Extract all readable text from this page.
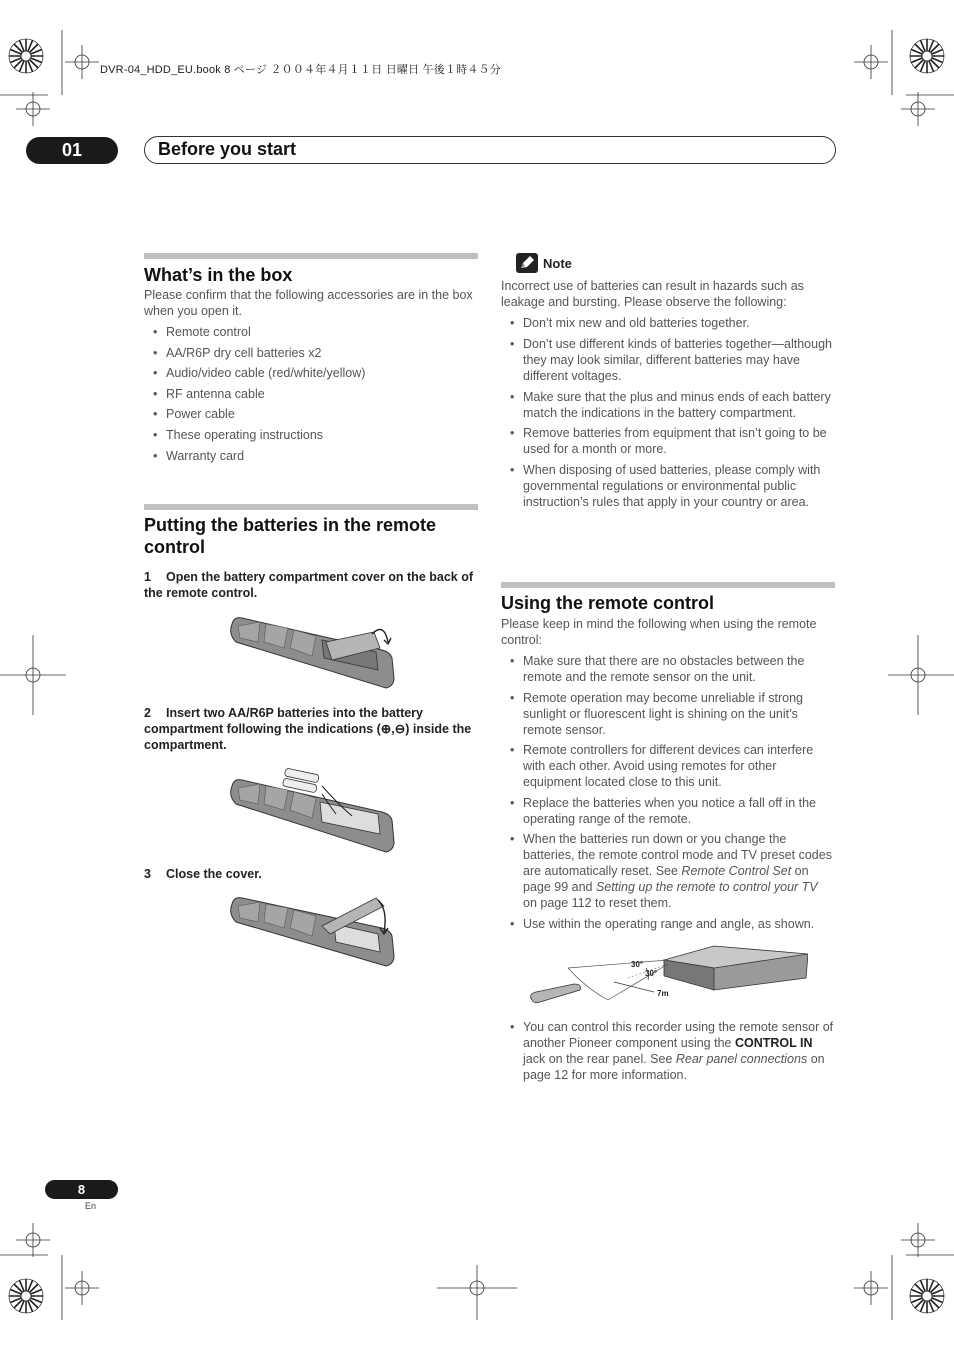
DVR-04_HDD_EU.book 8 ページ ２００４年４月１１日 日曜日 午後１時４５分
01	Before you start
What’s in the box
Please confirm that the following accessories are in the box when you open it.
• Remote control
• AA/R6P dry cell batteries x2
• Audio/video cable (red/white/yellow)
• RF antenna cable
• Power cable
• These operating instructions
• Warranty card
Putting the batteries in the remote control
1 Open the battery compartment cover on the back of the remote control.
2 Insert two AA/R6P batteries into the battery compartment following the indications (⊕,⊖) inside the compartment.
3 Close the cover.
Note
Incorrect use of batteries can result in hazards such as leakage and bursting. Please observe the following:
• Don’t mix new and old batteries together.
• Don’t use different kinds of batteries together—although they may look similar, different batteries may have different voltages.
• Make sure that the plus and minus ends of each battery match the indications in the battery compartment.
• Remove batteries from equipment that isn’t going to be used for a month or more.
• When disposing of used batteries, please comply with governmental regulations or environmental public instruction’s rules that apply in your country or area.
Using the remote control
Please keep in mind the following when using the remote control:
• Make sure that there are no obstacles between the remote and the remote sensor on the unit.
• Remote operation may become unreliable if strong sunlight or fluorescent light is shining on the unit’s remote sensor.
• Remote controllers for different devices can interfere with each other. Avoid using remotes for other equipment located close to this unit.
• Replace the batteries when you notice a fall off in the operating range of the remote.
• When the batteries run down or you change the batteries, the remote control mode and TV preset codes are automatically reset. See Remote Control Set on page 99 and Setting up the remote to control your TV on page 112 to reset them.
• Use within the operating range and angle, as shown.
30°
30°
7m
• You can control this recorder using the remote sensor of another Pioneer component using the CONTROL IN jack on the rear panel. See Rear panel connections on page 12 for more information.
8
En
